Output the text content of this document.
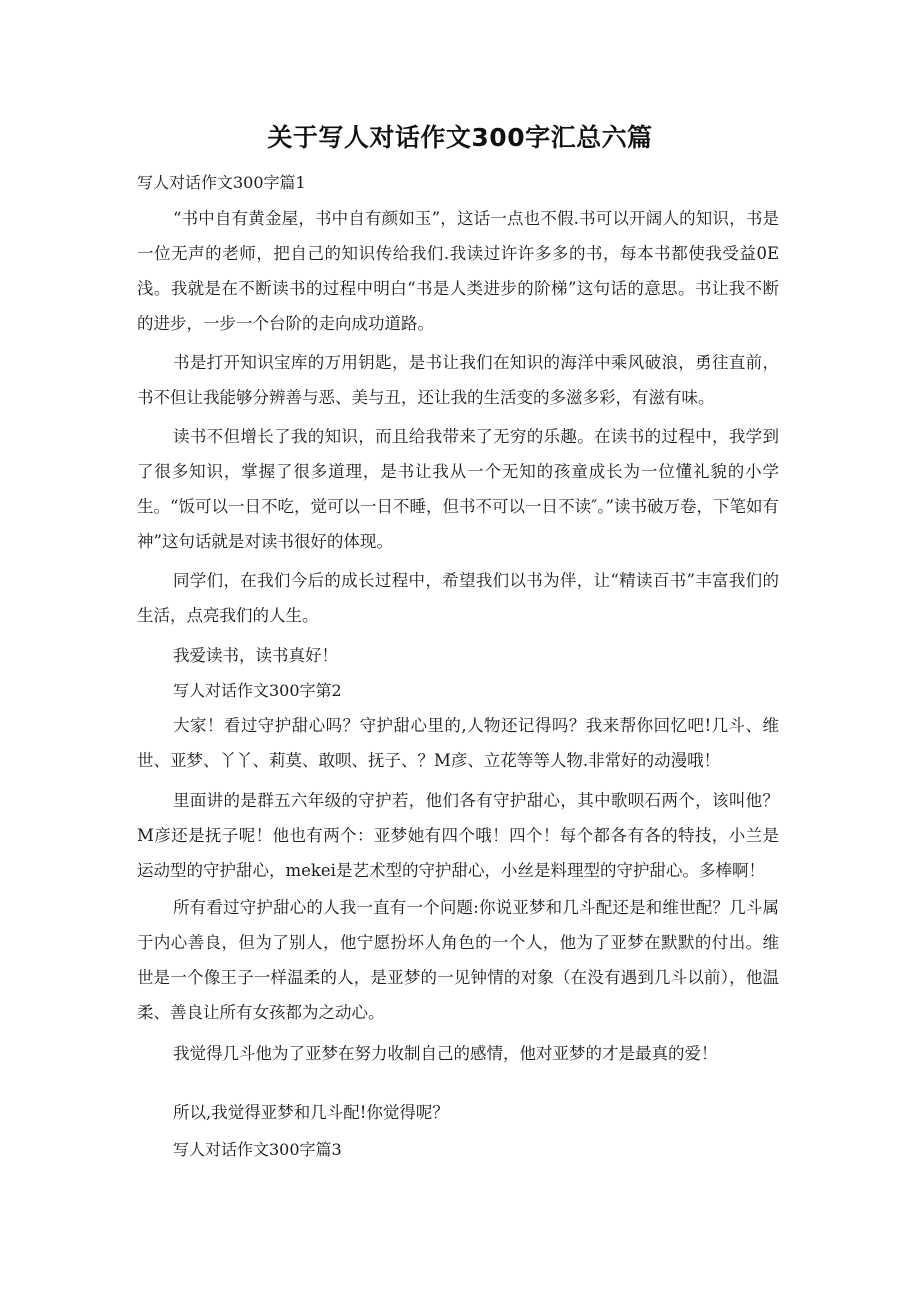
关于写人对话作文300字汇总六篇
写人对话作文300字篇1
“书中自有黄金屋，书中自有颜如玉”，这话一点也不假.书可以开阔人的知识，书是一位无声的老师，把自己的知识传给我们.我读过许许多多的书，每本书都使我受益0E浅。我就是在不断读书的过程中明白“书是人类进步的阶梯”这句话的意思。书让我不断的进步，一步一个台阶的走向成功道路。
书是打开知识宝库的万用钥匙，是书让我们在知识的海洋中乘风破浪，勇往直前，书不但让我能够分辨善与恶、美与丑，还让我的生活变的多滋多彩，有滋有味。
读书不但增长了我的知识，而且给我带来了无穷的乐趣。在读书的过程中，我学到了很多知识，掌握了很多道理，是书让我从一个无知的孩童成长为一位懂礼貌的小学生。“饭可以一日不吃，觉可以一日不睡，但书不可以一日不读″。”读书破万卷，下笔如有神”这句话就是对读书很好的体现。
同学们，在我们今后的成长过程中，希望我们以书为伴，让“精读百书”丰富我们的生活，点亮我们的人生。
我爱读书，读书真好！
写人对话作文300字第2
大家！看过守护甜心吗？守护甜心里的,人物还记得吗？我来帮你回忆吧!几斗、维世、亚梦、丫丫、莉莫、敢呗、抚子、？M彦、立花等等人物.非常好的动漫哦！
里面讲的是群五六年级的守护若，他们各有守护甜心，其中歌呗石两个，该叫他？M彦还是抚子呢！他也有两个：亚梦她有四个哦！四个！每个都各有各的特技，小兰是运动型的守护甜心，mekei是艺术型的守护甜心，小丝是料理型的守护甜心。多棒啊！
所有看过守护甜心的人我一直有一个问题:你说亚梦和几斗配还是和维世配？几斗属于内心善良，但为了别人，他宁愿扮坏人角色的一个人，他为了亚梦在默默的付出。维世是一个像王子一样温柔的人，是亚梦的一见钟情的对象（在没有遇到几斗以前），他温柔、善良让所有女孩都为之动心。
我觉得几斗他为了亚梦在努力收制自己的感情，他对亚梦的才是最真的爱！
所以,我觉得亚梦和几斗配!你觉得呢？
写人对话作文300字篇3
